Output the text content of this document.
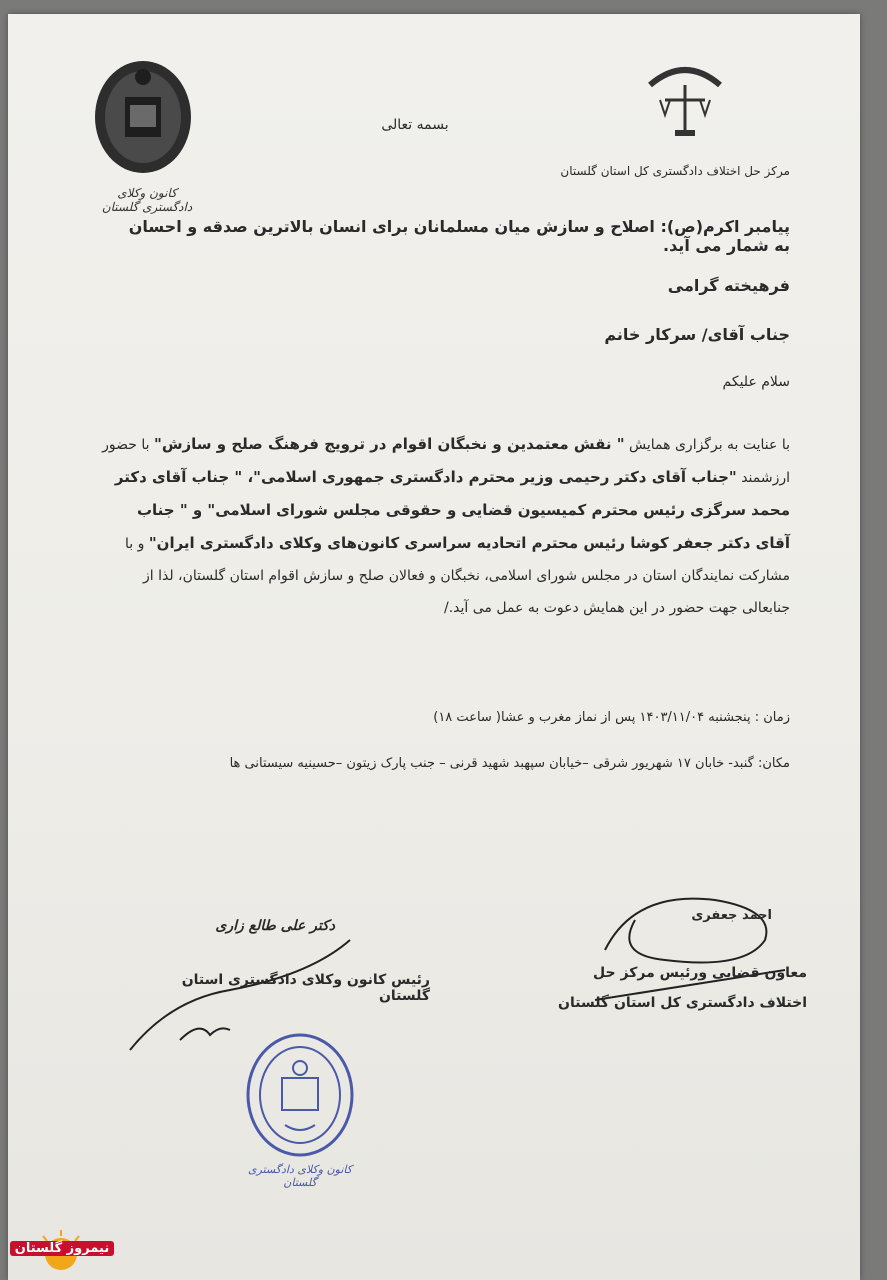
کانون وکلای دادگستری گلستان
بسمه تعالی
مرکز حل اختلاف دادگستری کل استان گلستان
پیامبر اکرم(ص): اصلاح و سازش میان مسلمانان برای انسان بالاترین صدقه و احسان به شمار می آید.
فرهیخته گرامی
جناب آقای/ سرکار خانم
سلام علیکم
با عنایت به برگزاری همایش " نقش معتمدین و نخبگان اقوام در ترویج فرهنگ صلح و سازش" با حضور ارزشمند "جناب آقای دکتر رحیمی وزیر محترم دادگستری جمهوری اسلامی"، " جناب آقای دکتر محمد سرگزی رئیس محترم کمیسیون قضایی و حقوقی مجلس شورای اسلامی" و " جناب آقای دکتر جعفر کوشا رئیس محترم اتحادیه سراسری کانون‌های وکلای دادگستری ایران" و با مشارکت نمایندگان استان در مجلس شورای اسلامی، نخبگان و فعالان صلح و سازش اقوام استان گلستان، لذا از جنابعالی جهت حضور در این همایش دعوت به عمل می آید./
زمان : پنجشنبه ۱۴۰۳/۱۱/۰۴ پس از نماز مغرب و عشا( ساعت ۱۸)
مکان: گنبد- خابان ۱۷ شهریور شرقی –خیابان سپهبد شهید قرنی – جنب پارک زیتون –حسینیه سیستانی ها
احمد جعفری
معاون قضایی ورئیس مرکز حل اختلاف دادگستری کل استان گلستان
دکتر علی طالع زاری
رئیس کانون وکلای دادگستری استان گلستان
کانون وکلای دادگستری گلستان
نیمروز گلستان
